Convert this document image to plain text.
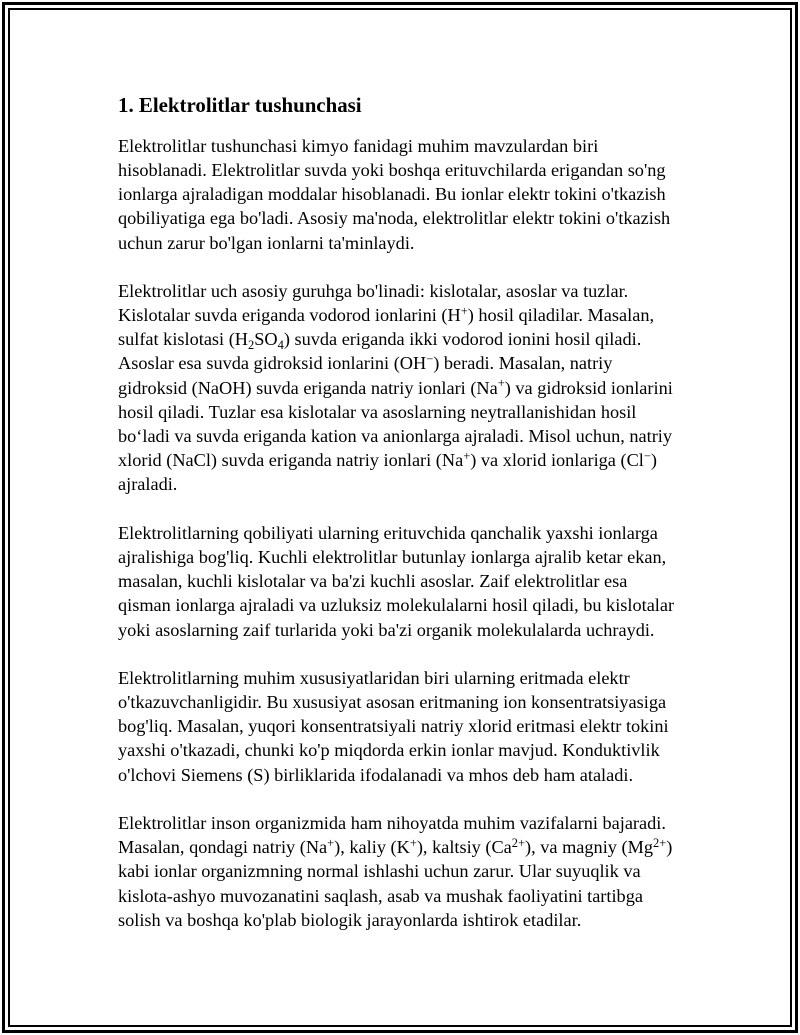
1. Elektrolitlar tushunchasi
Elektrolitlar tushunchasi kimyo fanidagi muhim mavzulardan biri
hisoblanadi. Elektrolitlar suvda yoki boshqa erituvchilarda erigandan so'ng
ionlarga ajraladigan moddalar hisoblanadi. Bu ionlar elektr tokini o'tkazish
qobiliyatiga ega bo'ladi. Asosiy ma'noda, elektrolitlar elektr tokini o'tkazish
uchun zarur bo'lgan ionlarni ta'minlaydi.
Elektrolitlar uch asosiy guruhga bo'linadi: kislotalar, asoslar va tuzlar.
Kislotalar suvda eriganda vodorod ionlarini (H+) hosil qiladilar. Masalan,
sulfat kislotasi $(H_2SO_4)$ suvda eriganda ikki vodorod ionini hosil qiladi.
Asoslar esa suvda gidroksid ionlarini (OH−) beradi. Masalan, natriy
gidroksid (NaOH) suvda eriganda natriy ionlari (Na+) va gidroksid ionlarini
hosil qiladi. Tuzlar esa kislotalar va asoslarning neytrallanishidan hosil
bo‘ladi va suvda eriganda kation va anionlarga ajraladi. Misol uchun, natriy
xlorid (NaCl) suvda eriganda natriy ionlari (Na+) va xlorid ionlariga (Cl−)
ajraladi.
Elektrolitlarning qobiliyati ularning erituvchida qanchalik yaxshi ionlarga
ajralishiga bog'liq. Kuchli elektrolitlar butunlay ionlarga ajralib ketar ekan,
masalan, kuchli kislotalar va ba'zi kuchli asoslar. Zaif elektrolitlar esa
qisman ionlarga ajraladi va uzluksiz molekulalarni hosil qiladi, bu kislotalar
yoki asoslarning zaif turlarida yoki ba'zi organik molekulalarda uchraydi.
Elektrolitlarning muhim xususiyatlaridan biri ularning eritmada elektr
o'tkazuvchanligidir. Bu xususiyat asosan eritmaning ion konsentratsiyasiga
bog'liq. Masalan, yuqori konsentratsiyali natriy xlorid eritmasi elektr tokini
yaxshi o'tkazadi, chunki ko'p miqdorda erkin ionlar mavjud. Konduktivlik
o'lchovi Siemens (S) birliklarida ifodalanadi va mhos deb ham ataladi.
Elektrolitlar inson organizmida ham nihoyatda muhim vazifalarni bajaradi.
Masalan, qondagi natriy (Na+), kaliy (K+), kaltsiy $(Ca^{2+})$, va magniy $(Mg^{2+})$
kabi ionlar organizmning normal ishlashi uchun zarur. Ular suyuqlik va
kislota-ashyo muvozanatini saqlash, asab va mushak faoliyatini tartibga
solish va boshqa ko'plab biologik jarayonlarda ishtirok etadilar.
